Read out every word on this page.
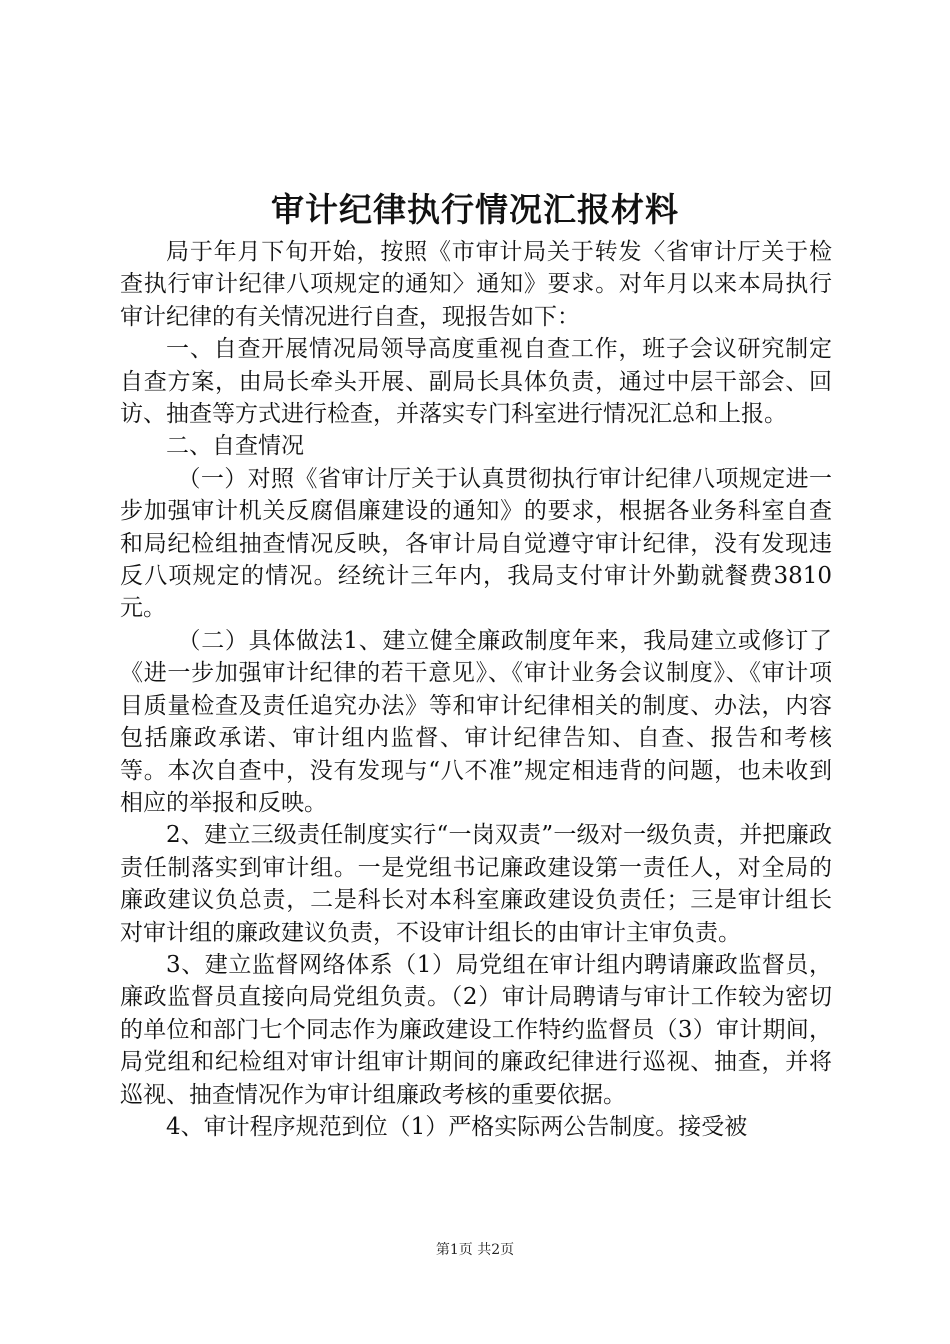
审计纪律执行情况汇报材料

局于年月下旬开始，按照《市审计局关于转发〈省审计厅关于检查执行审计纪律八项规定的通知〉通知》要求。对年月以来本局执行审计纪律的有关情况进行自查，现报告如下：

一、自查开展情况局领导高度重视自查工作，班子会议研究制定自查方案，由局长牵头开展、副局长具体负责，通过中层干部会、回访、抽查等方式进行检查，并落实专门科室进行情况汇总和上报。

二、自查情况

（一）对照《省审计厅关于认真贯彻执行审计纪律八项规定进一步加强审计机关反腐倡廉建设的通知》的要求，根据各业务科室自查和局纪检组抽查情况反映，各审计局自觉遵守审计纪律，没有发现违反八项规定的情况。经统计三年内，我局支付审计外勤就餐费3810元。

（二）具体做法1、建立健全廉政制度年来，我局建立或修订了《进一步加强审计纪律的若干意见》、《审计业务会议制度》、《审计项目质量检查及责任追究办法》等和审计纪律相关的制度、办法，内容包括廉政承诺、审计组内监督、审计纪律告知、自查、报告和考核等。本次自查中，没有发现与“八不准”规定相违背的问题，也未收到相应的举报和反映。

2、建立三级责任制度实行“一岗双责”一级对一级负责，并把廉政责任制落实到审计组。一是党组书记廉政建设第一责任人，对全局的廉政建议负总责，二是科长对本科室廉政建设负责任；三是审计组长对审计组的廉政建议负责，不设审计组长的由审计主审负责。

3、建立监督网络体系（1）局党组在审计组内聘请廉政监督员，廉政监督员直接向局党组负责。（2）审计局聘请与审计工作较为密切的单位和部门七个同志作为廉政建设工作特约监督员（3）审计期间，局党组和纪检组对审计组审计期间的廉政纪律进行巡视、抽查，并将巡视、抽查情况作为审计组廉政考核的重要依据。

4、审计程序规范到位（1）严格实际两公告制度。接受被

第1页 共2页
